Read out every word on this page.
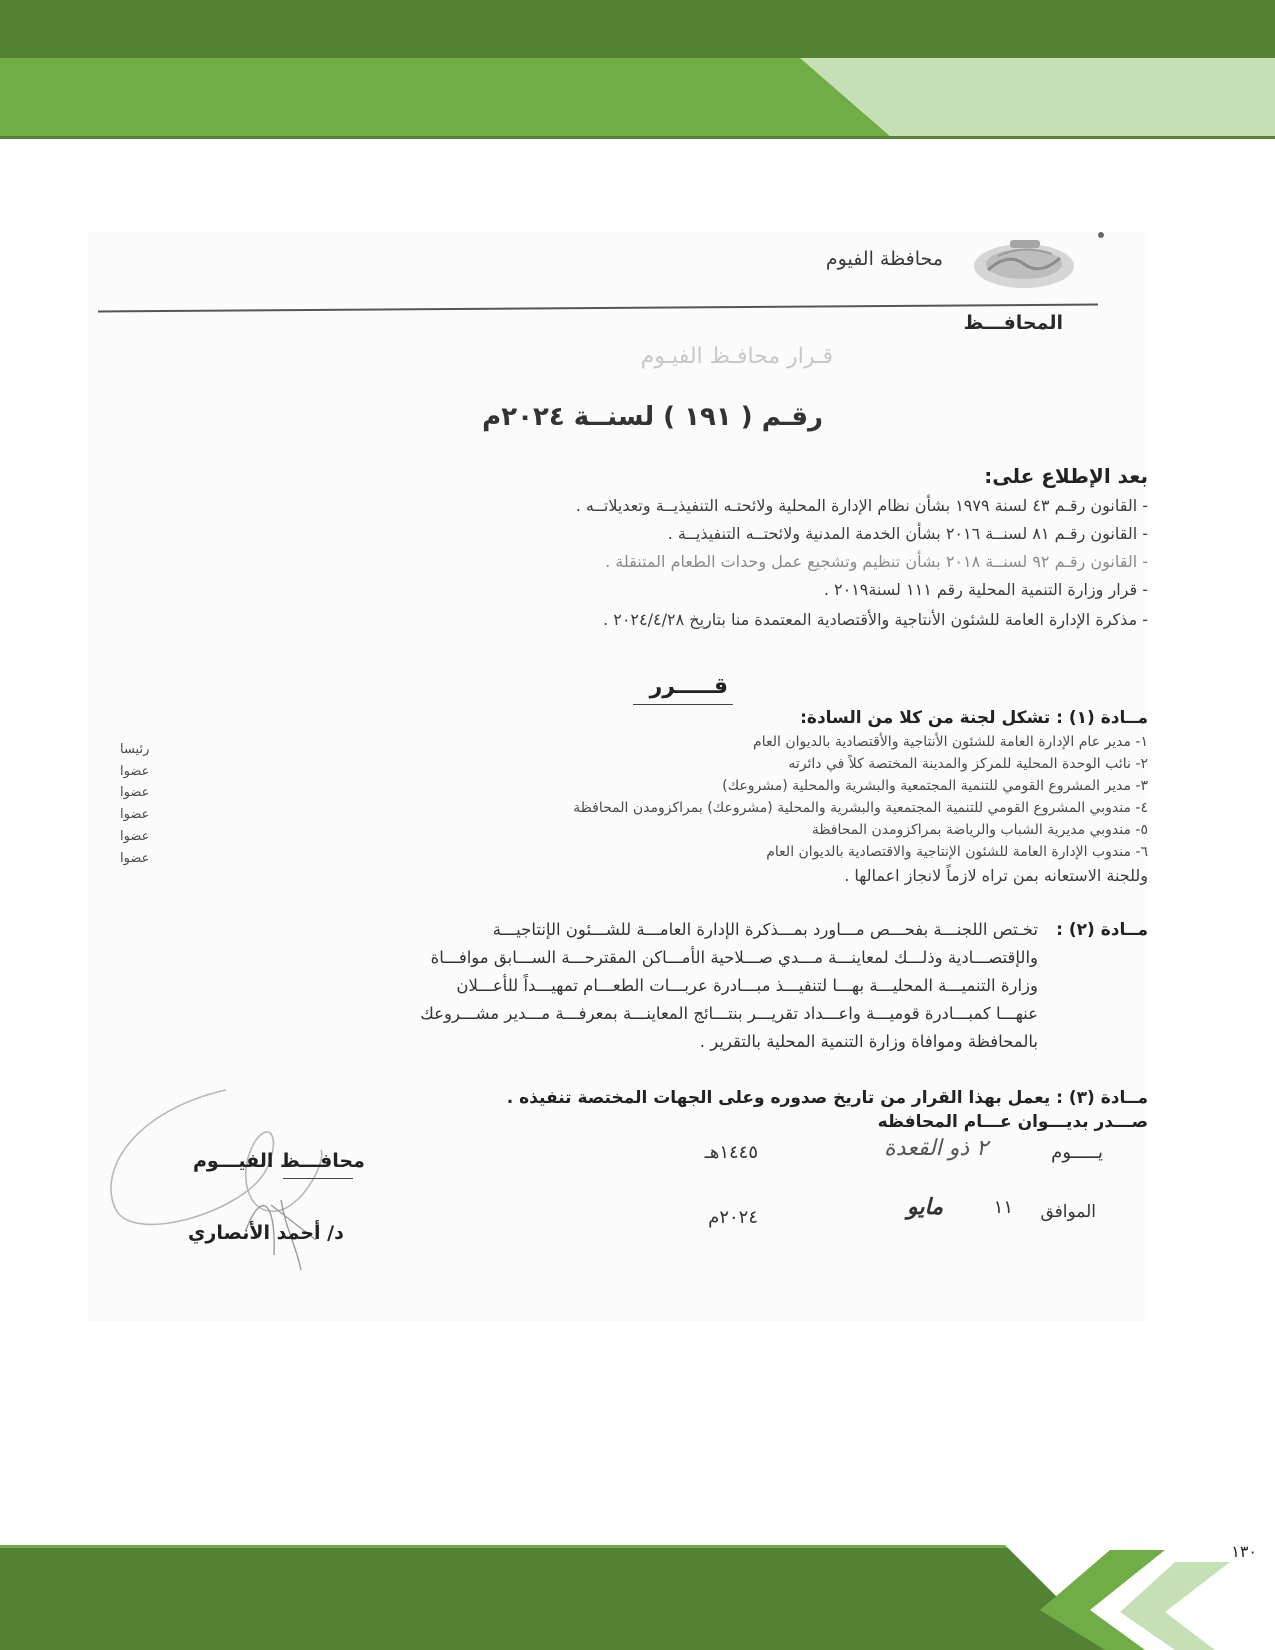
محافظة الفيوم
المحافـــظ
قـرار محافـظ الفيـوم
رقـم ( ١٩١ ) لسنــة ٢٠٢٤م
بعد الإطلاع على:
- القانون رقـم ٤٣ لسنة ١٩٧٩ بشأن نظام الإدارة المحلية ولائحتـه التنفيذيــة وتعديلاتــه .
- القانون رقـم ٨١ لسنــة ٢٠١٦ بشأن الخدمة المدنية ولائحتــه التنفيذيــة .
- القانون رقـم ٩٢ لسنــة ٢٠١٨ بشأن تنظيم وتشجيع عمل وحدات الطعام المتنقلة .
- قرار وزارة التنمية المحلية رقم ١١١ لسنة٢٠١٩ .
- مذكرة الإدارة العامة للشئون الأنتاجية والأقتصادية المعتمدة منا بتاريخ ٢٠٢٤/٤/٢٨ .
قـــــرر
مــادة (١) : تشكل لجنة من كلا من السادة:
١- مدير عام الإدارة العامة للشئون الأنتاجية والأقتصادية بالديوان العام
٢- نائب الوحدة المحلية للمركز والمدينة المختصة كلاً في دائرته
٣- مدير المشروع القومي للتنمية المجتمعية والبشرية والمحلية (مشروعك)
٤- مندوبي المشروع القومي للتنمية المجتمعية والبشرية والمحلية (مشروعك) بمراكزومدن المحافظة
٥- مندوبي مديرية الشباب والرياضة بمراكزومدن المحافظة
٦- مندوب الإدارة العامة للشئون الإنتاجية والاقتصادية بالديوان العام
رئيسا
عضوا
عضوا
عضوا
عضوا
عضوا
وللجنة الاستعانه بمن تراه لازماً لانجاز اعمالها .
مــادة (٢) :
تخـتص اللجنـــة بفحـــص مـــاورد بمـــذكرة الإدارة العامـــة للشـــئون الإنتاجيـــة
والإقتصـــادية وذلـــك لمعاينـــة مـــدي صـــلاحية الأمـــاكن المقترحـــة الســـابق موافـــاة
وزارة التنميـــة المحليـــة بهـــا لتنفيـــذ مبـــادرة عربـــات الطعـــام تمهيـــداً للأعـــلان
عنهـــا كمبـــادرة قوميـــة واعـــداد تقريـــر بنتـــائج المعاينـــة بمعرفـــة مـــدير مشـــروعك
بالمحافظة وموافاة وزارة التنمية المحلية بالتقرير .
مــادة (٣) : يعمل بهذا القرار من تاريخ صدوره وعلى الجهات المختصة تنفيذه .
صـــدر بديـــوان عـــام المحافظه
يـــــوم
٢ ذو القعدة
١٤٤٥هـ
الموافق
١١
مايو
٢٠٢٤م
محافـــظ الفيـــوم
د/ أحمد الأنصاري
١٣٠
